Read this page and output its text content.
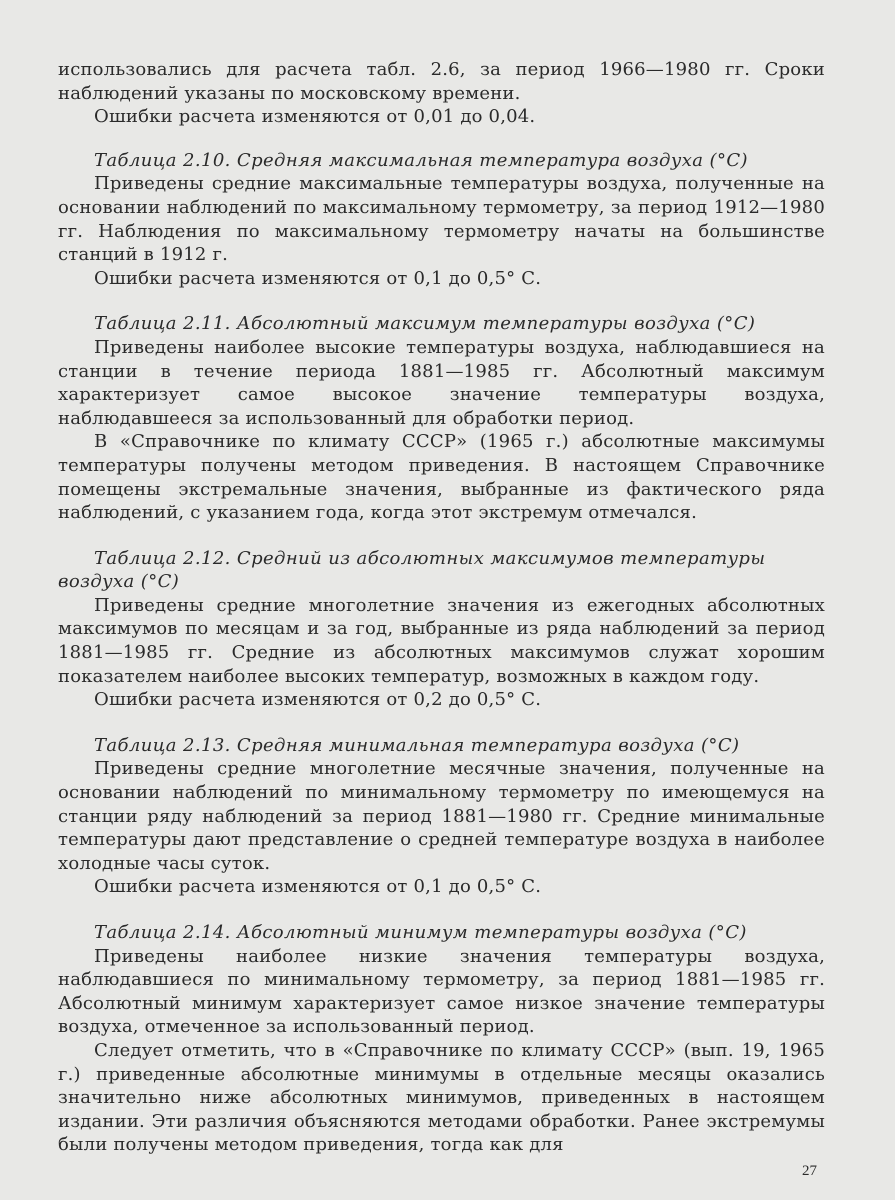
использовались для расчета табл. 2.6, за период 1966—1980 гг. Сроки наблюдений указаны по московскому времени.

Ошибки расчета изменяются от 0,01 до 0,04.

Таблица 2.10. Средняя максимальная температура воздуха (°С)

Приведены средние максимальные температуры воздуха, полученные на основании наблюдений по максимальному термометру, за период 1912—1980 гг. Наблюдения по максимальному термометру начаты на большинстве станций в 1912 г.

Ошибки расчета изменяются от 0,1 до 0,5° С.

Таблица 2.11. Абсолютный максимум температуры воздуха (°С)

Приведены наиболее высокие температуры воздуха, наблюдавшиеся на станции в течение периода 1881—1985 гг. Абсолютный максимум характеризует самое высокое значение температуры воздуха, наблюдавшееся за использованный для обработки период.

В «Справочнике по климату СССР» (1965 г.) абсолютные максимумы температуры получены методом приведения. В настоящем Справочнике помещены экстремальные значения, выбранные из фактического ряда наблюдений, с указанием года, когда этот экстремум отмечался.

Таблица 2.12. Средний из абсолютных максимумов температуры воздуха (°С)

Приведены средние многолетние значения из ежегодных абсолютных максимумов по месяцам и за год, выбранные из ряда наблюдений за период 1881—1985 гг. Средние из абсолютных максимумов служат хорошим показателем наиболее высоких температур, возможных в каждом году.

Ошибки расчета изменяются от 0,2 до 0,5° С.

Таблица 2.13. Средняя минимальная температура воздуха (°С)

Приведены средние многолетние месячные значения, полученные на основании наблюдений по минимальному термометру по имеющемуся на станции ряду наблюдений за период 1881—1980 гг. Средние минимальные температуры дают представление о средней температуре воздуха в наиболее холодные часы суток.

Ошибки расчета изменяются от 0,1 до 0,5° С.

Таблица 2.14. Абсолютный минимум температуры воздуха (°С)

Приведены наиболее низкие значения температуры воздуха, наблюдавшиеся по минимальному термометру, за период 1881—1985 гг. Абсолютный минимум характеризует самое низкое значение температуры воздуха, отмеченное за использованный период.

Следует отметить, что в «Справочнике по климату СССР» (вып. 19, 1965 г.) приведенные абсолютные минимумы в отдельные месяцы оказались значительно ниже абсолютных минимумов, приведенных в настоящем издании. Эти различия объясняются методами обработки. Ранее экстремумы были получены методом приведения, тогда как для

27
